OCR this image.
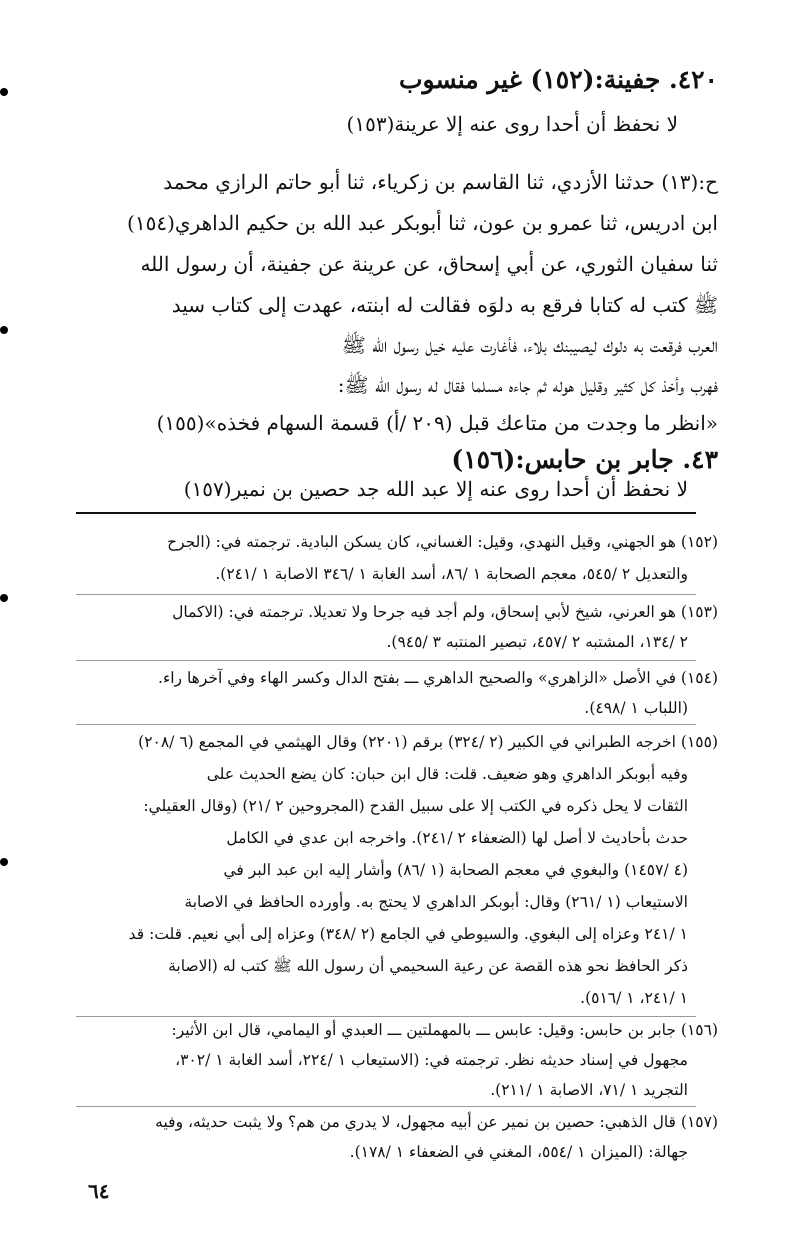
٤٢٠. جفينة:(١٥٢) غير منسوب
لا نحفظ أن أحدا روى عنه إلا عرينة(١٥٣)
ح:(١٣) حدثنا الأزدي، ثنا القاسم بن زكرياء، ثنا أبو حاتم الرازي محمد
ابن ادريس، ثنا عمرو بن عون، ثنا أبوبكر عبد الله بن حكيم الداهري(١٥٤)
ثنا سفيان الثوري، عن أبي إسحاق، عن عرينة عن جفينة، أن رسول الله
ﷺ كتب له كتابا فرقع به دلوَه فقالت له ابنته، عهدت إلى كتاب سيد
العرب فرقعت به دلوك ليصيبنك بلاء، فأغارت عليه خيل رسول الله ﷺ
فهرب وأخذ كل كثير وقليل هوله ثم جاءه مسلما فقال له رسول الله ﷺ:
«انظر ما وجدت من متاعك قبل (٢٠٩ /أ) قسمة السهام فخذه»(١٥٥)
٤٣. جابر بن حابس:(١٥٦)
لا نحفظ أن أحدا روى عنه إلا عبد الله جد حصين بن نمير(١٥٧)
(١٥٢) هو الجهني، وقيل النهدي، وقيل: الغساني، كان يسكن البادية. ترجمته في: (الجرح
والتعديل ٢ /٥٤٥، معجم الصحابة ١ /٨٦، أسد الغابة ١ /٣٤٦ الاصابة ١ /٢٤١).
(١٥٣) هو العرني، شيخ لأبي إسحاق، ولم أجد فيه جرحا ولا تعديلا. ترجمته في: (الاكمال
٢ /١٣٤، المشتبه ٢ /٤٥٧، تبصير المنتبه ٣ /٩٤٥).
(١٥٤) في الأصل «الزاهري» والصحيح الداهري ـــ بفتح الدال وكسر الهاء وفي آخرها راء.
(اللباب ١ /٤٩٨).
(١٥٥) اخرجه الطبراني في الكبير (٢ /٣٢٤) برقم (٢٢٠١) وقال الهيثمي في المجمع (٦ /٢٠٨)
وفيه أبوبكر الداهري وهو ضعيف. قلت: قال ابن حبان: كان يضع الحديث على
الثقات لا يحل ذكره في الكتب إلا على سبيل القدح (المجروحين ٢ /٢١) (وقال العقيلي:
حدث بأحاديث لا أصل لها (الضعفاء ٢ /٢٤١). واخرجه ابن عدي في الكامل
(٤ /١٤٥٧) والبغوي في معجم الصحابة (١ /٨٦) وأشار إليه ابن عبد البر في
الاستيعاب (١ /٢٦١) وقال: أبوبكر الداهري لا يحتج به. وأورده الحافظ في الاصابة
١ /٢٤١ وعزاه إلى البغوي. والسيوطي في الجامع (٢ /٣٤٨) وعزاه إلى أبي نعيم. قلت: قد
ذكر الحافظ نحو هذه القصة عن رعية السحيمي أن رسول الله ﷺ كتب له (الاصابة
١ /٢٤١، ١ /٥١٦).
(١٥٦) جابر بن حابس: وقيل: عابس ـــ بالمهملتين ـــ العبدي أو اليمامي، قال ابن الأثير:
مجهول في إسناد حديثه نظر. ترجمته في: (الاستيعاب ١ /٢٢٤، أسد الغابة ١ /٣٠٢،
التجريد ١ /٧١، الاصابة ١ /٢١١).
(١٥٧) قال الذهبي: حصين بن نمير عن أبيه مجهول، لا يدري من هم؟ ولا يثبت حديثه، وفيه
جهالة: (الميزان ١ /٥٥٤، المغني في الضعفاء ١ /١٧٨).
٦٤
